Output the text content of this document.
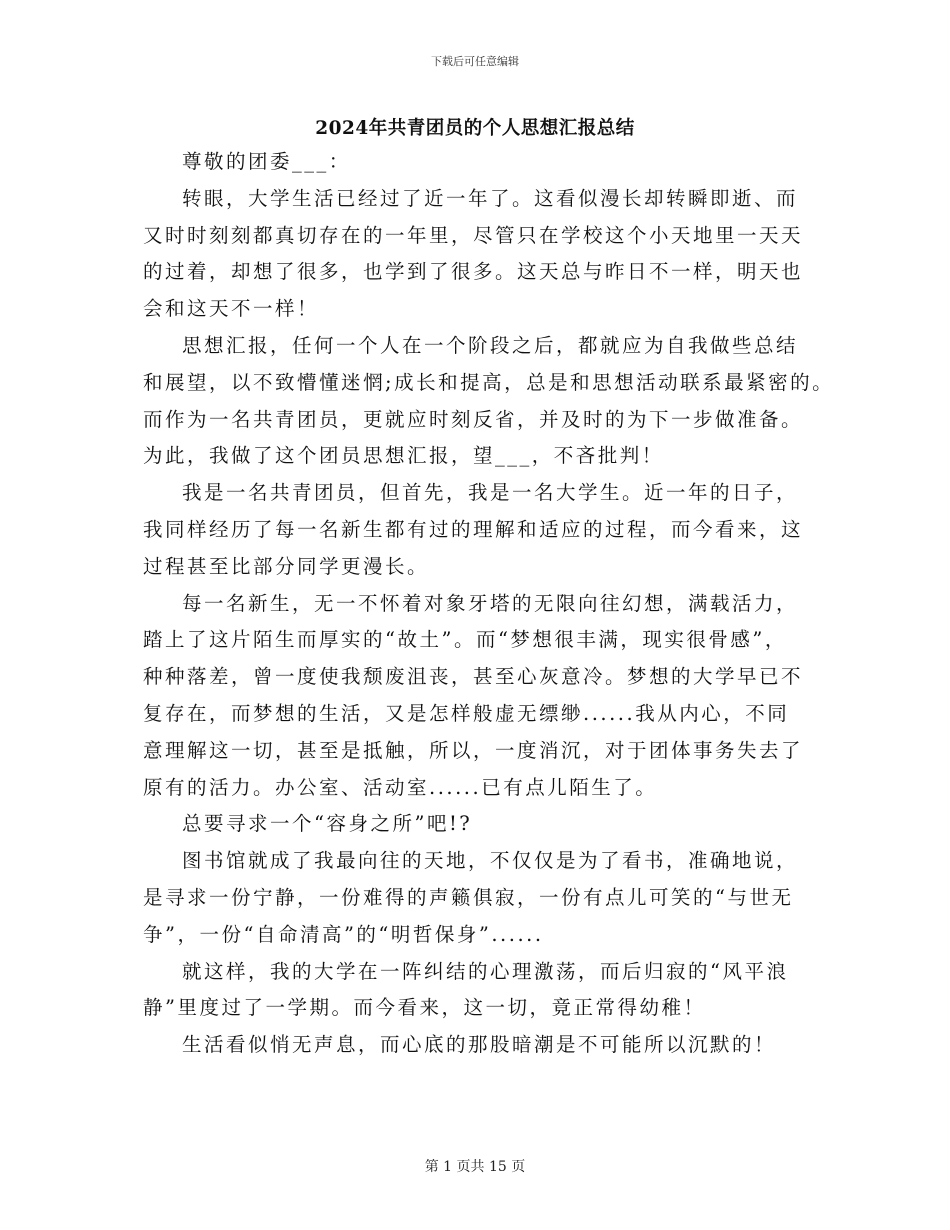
下载后可任意编辑
2024年共青团员的个人思想汇报总结

尊敬的团委___：

转眼，大学生活已经过了近一年了。这看似漫长却转瞬即逝、而
又时时刻刻都真切存在的一年里，尽管只在学校这个小天地里一天天
的过着，却想了很多，也学到了很多。这天总与昨日不一样，明天也
会和这天不一样！

思想汇报，任何一个人在一个阶段之后，都就应为自我做些总结
和展望，以不致懵懂迷惘;成长和提高，总是和思想活动联系最紧密的。
而作为一名共青团员，更就应时刻反省，并及时的为下一步做准备。
为此，我做了这个团员思想汇报，望___，不吝批判！

我是一名共青团员，但首先，我是一名大学生。近一年的日子，
我同样经历了每一名新生都有过的理解和适应的过程，而今看来，这
过程甚至比部分同学更漫长。

每一名新生，无一不怀着对象牙塔的无限向往幻想，满载活力，
踏上了这片陌生而厚实的“故土”。而“梦想很丰满，现实很骨感”，
种种落差，曾一度使我颓废沮丧，甚至心灰意冷。梦想的大学早已不
复存在，而梦想的生活，又是怎样般虚无缥缈......我从内心，不同
意理解这一切，甚至是抵触，所以，一度消沉，对于团体事务失去了
原有的活力。办公室、活动室......已有点儿陌生了。

总要寻求一个“容身之所”吧!?

图书馆就成了我最向往的天地，不仅仅是为了看书，准确地说，
是寻求一份宁静，一份难得的声籁俱寂，一份有点儿可笑的“与世无
争”，一份“自命清高”的“明哲保身”......

就这样，我的大学在一阵纠结的心理激荡，而后归寂的“风平浪
静”里度过了一学期。而今看来，这一切，竟正常得幼稚！

生活看似悄无声息，而心底的那股暗潮是不可能所以沉默的！

第 1 页共 15 页
